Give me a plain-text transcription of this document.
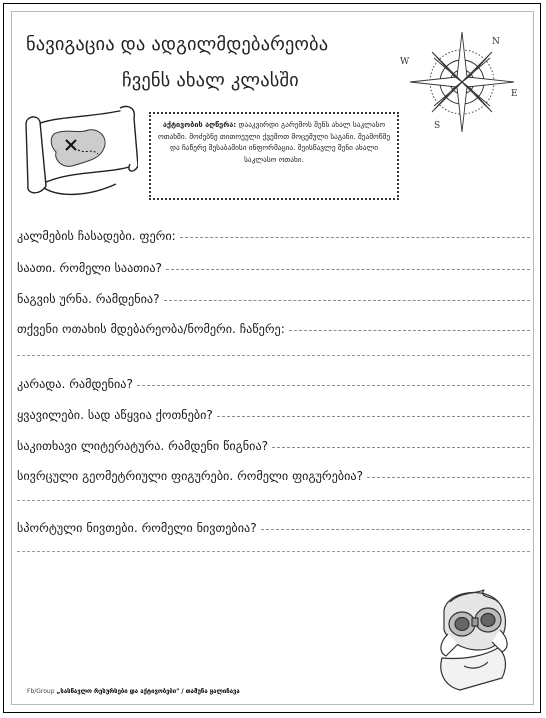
ნავიგაცია და ადგილმდებარეობა
ჩვენს ახალ კლასში
N
W
E
S
აქტივობის აღწერა: დააკვირდი გარემოს შენს ახალ საკლასო ოთახში. მოძებნე თითოეული ქვემოთ მოცემული საგანი. შეამოწმე და ჩაწერე შესაბამისი ინფორმაცია. შეისწავლე შენი ახალი საკლასო ოთახი.
კალმების ჩასადები. ფერი:
საათი. რომელი საათია?
ნაგვის ურნა. რამდენია?
თქვენი ოთახის მდებარეობა/ნომერი. ჩაწერე:
კარადა. რამდენია?
ყვავილები. სად აწყვია ქოთნები?
საკითხავი ლიტერატურა. რამდენი წიგნია?
სივრცული გეომეტრიული ფიგურები. რომელი ფიგურებია?
სპორტული ნივთები. რომელი ნივთებია?
Fb/Group „სასწავლო რესურსები და აქტივობები" / თამუნა ყალიჩავა
